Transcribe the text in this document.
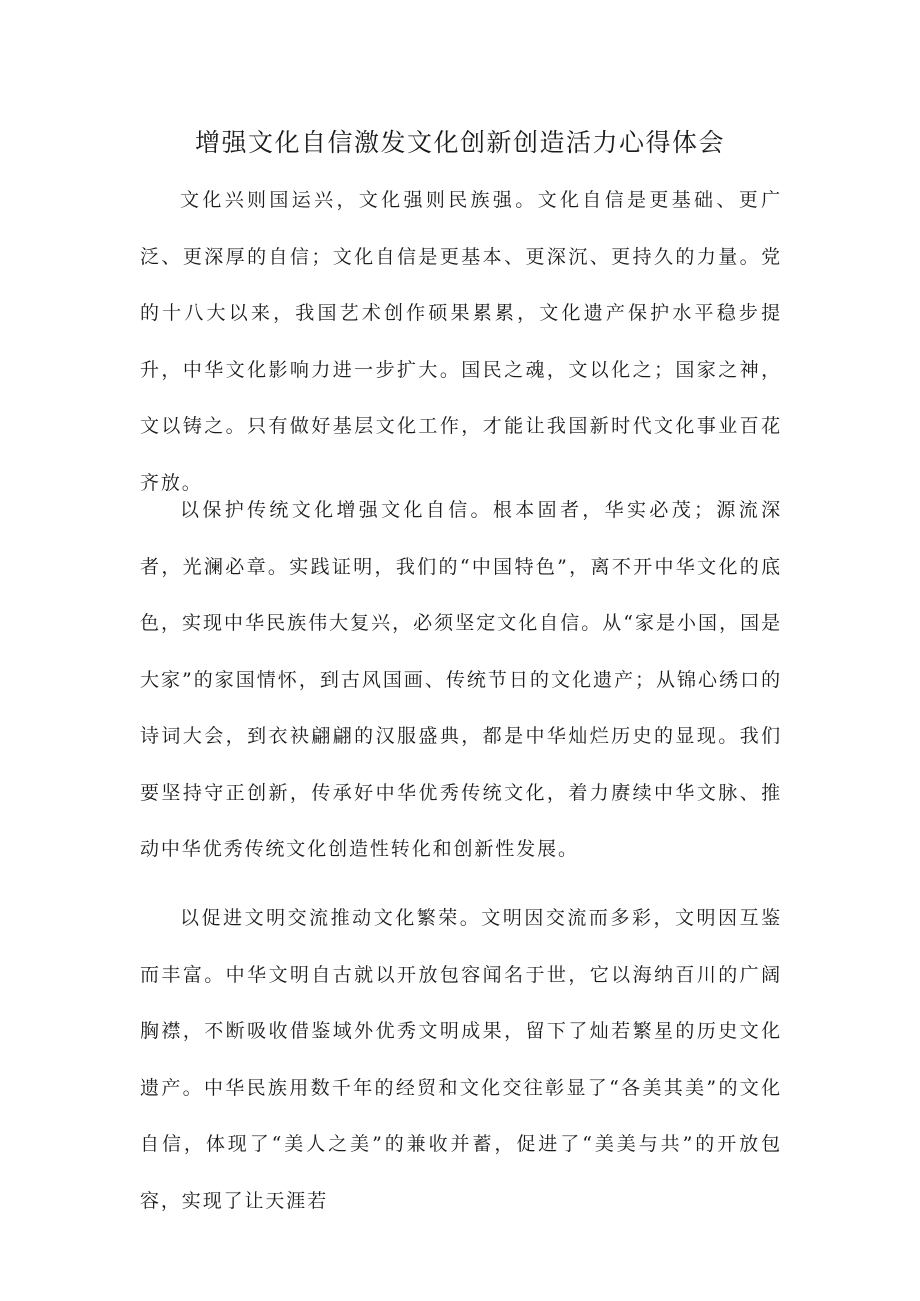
增强文化自信激发文化创新创造活力心得体会

文化兴则国运兴，文化强则民族强。文化自信是更基础、更广泛、更深厚的自信；文化自信是更基本、更深沉、更持久的力量。党的十八大以来，我国艺术创作硕果累累，文化遗产保护水平稳步提升，中华文化影响力进一步扩大。国民之魂，文以化之；国家之神，文以铸之。只有做好基层文化工作，才能让我国新时代文化事业百花齐放。

以保护传统文化增强文化自信。根本固者，华实必茂；源流深者，光澜必章。实践证明，我们的“中国特色”，离不开中华文化的底色，实现中华民族伟大复兴，必须坚定文化自信。从“家是小国，国是大家”的家国情怀，到古风国画、传统节日的文化遗产；从锦心绣口的诗词大会，到衣袂翩翩的汉服盛典，都是中华灿烂历史的显现。我们要坚持守正创新，传承好中华优秀传统文化，着力赓续中华文脉、推动中华优秀传统文化创造性转化和创新性发展。

以促进文明交流推动文化繁荣。文明因交流而多彩，文明因互鉴而丰富。中华文明自古就以开放包容闻名于世，它以海纳百川的广阔胸襟，不断吸收借鉴域外优秀文明成果，留下了灿若繁星的历史文化遗产。中华民族用数千年的经贸和文化交往彰显了“各美其美”的文化自信，体现了“美人之美”的兼收并蓄，促进了“美美与共”的开放包容，实现了让天涯若
